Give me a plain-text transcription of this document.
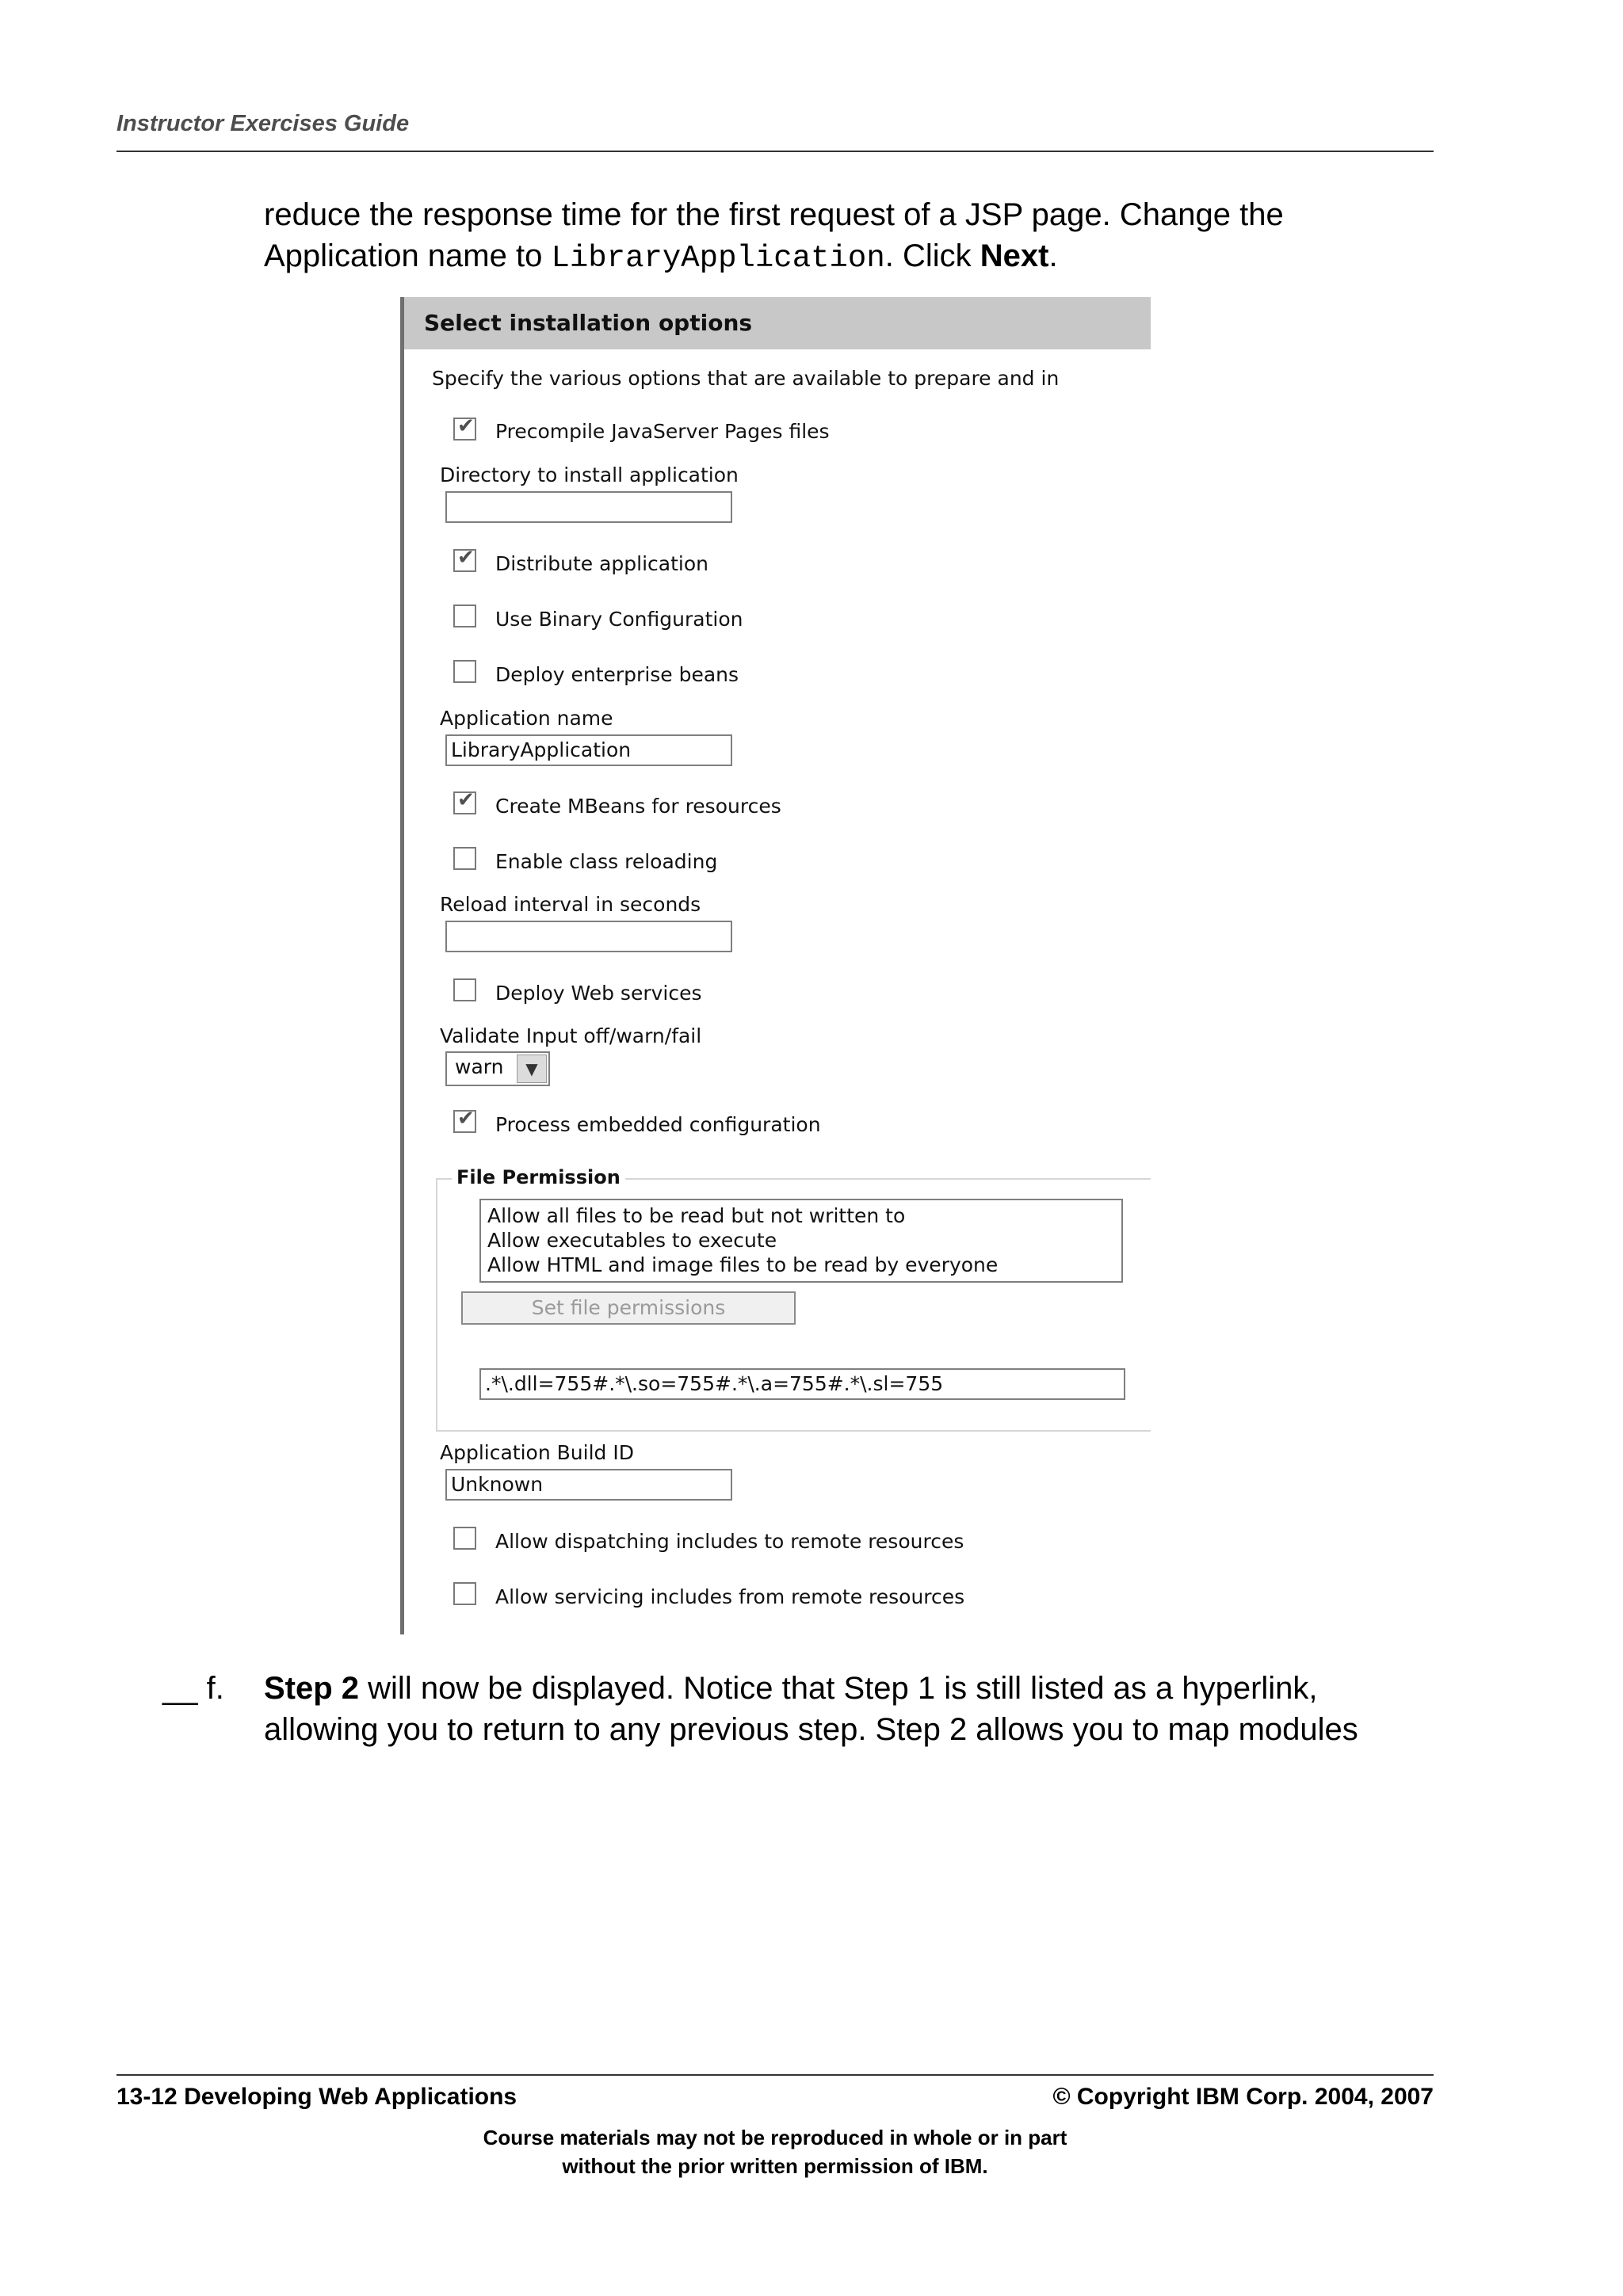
Instructor Exercises Guide
reduce the response time for the first request of a JSP page. Change the
Application name to LibraryApplication. Click Next.
Select installation options
Specify the various options that are available to prepare and in
✔ Precompile JavaServer Pages files
Directory to install application
✔ Distribute application
Use Binary Configuration
Deploy enterprise beans
Application name
LibraryApplication
✔ Create MBeans for resources
Enable class reloading
Reload interval in seconds
Deploy Web services
Validate Input off/warn/fail
warn	▼
✔ Process embedded configuration
File Permission
Allow all files to be read but not written to
Allow executables to execute
Allow HTML and image files to be read by everyone
Set file permissions
.*\.dll=755#.*\.so=755#.*\.a=755#.*\.sl=755
Application Build ID
Unknown
Allow dispatching includes to remote resources
Allow servicing includes from remote resources
__ f. Step 2 will now be displayed. Notice that Step 1 is still listed as a hyperlink,
allowing you to return to any previous step. Step 2 allows you to map modules
13-12 Developing Web Applications	© Copyright IBM Corp. 2004, 2007
Course materials may not be reproduced in whole or in part
without the prior written permission of IBM.
